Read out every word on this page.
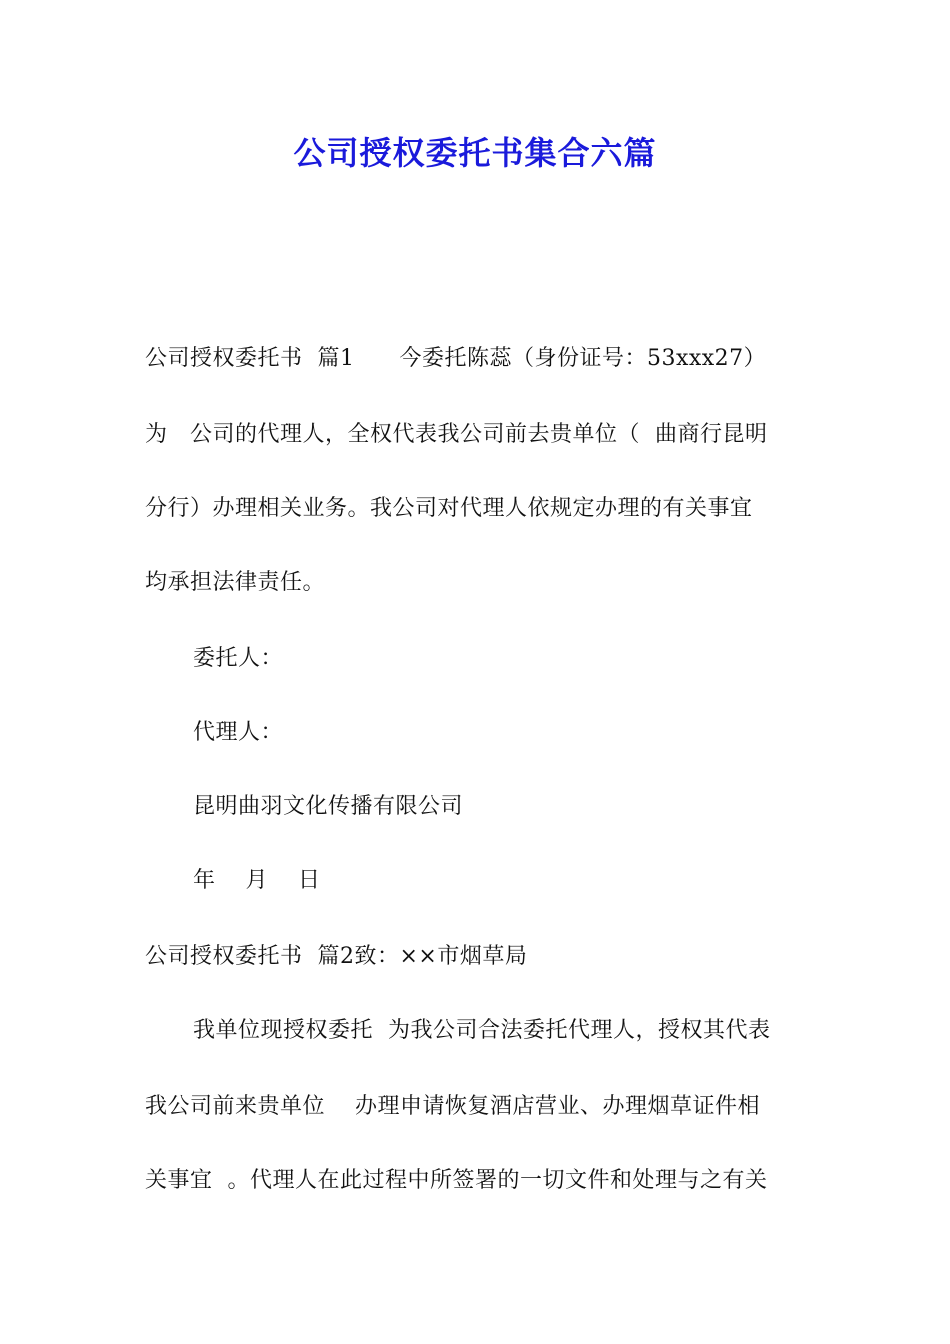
公司授权委托书集合六篇
公司授权委托书  篇1      今委托陈蕊（身份证号：53xxx27）
为   公司的代理人，全权代表我公司前去贵单位（  曲商行昆明
分行）办理相关业务。我公司对代理人依规定办理的有关事宜
均承担法律责任。
委托人：
代理人：
昆明曲羽文化传播有限公司
年    月    日
公司授权委托书  篇2致：××市烟草局
我单位现授权委托  为我公司合法委托代理人，授权其代表
我公司前来贵单位    办理申请恢复酒店营业、办理烟草证件相
关事宜  。代理人在此过程中所签署的一切文件和处理与之有关
